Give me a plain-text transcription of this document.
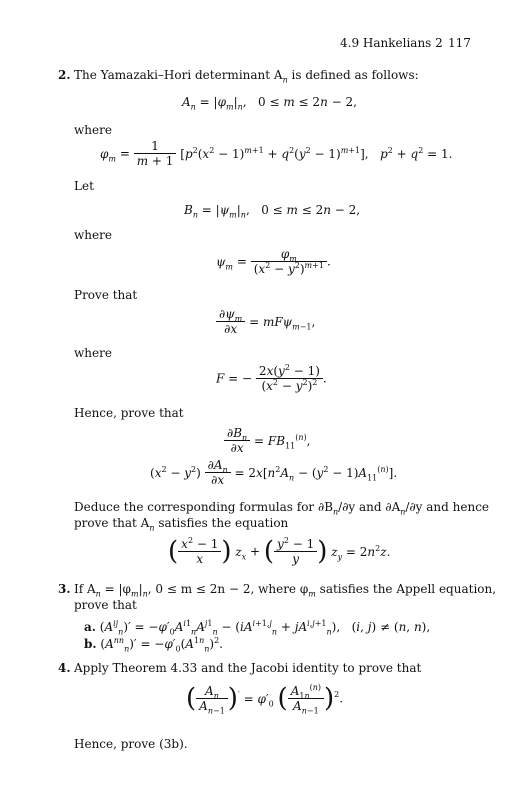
4.9 Hankelians 2 117
2. The Yamazaki–Hori determinant $A_n$ is defined as follows:
$A_n = |\varphi_m|_n$,   0 ≤ m ≤ 2n − 2,
where
$\varphi_m = \frac{1}{m + 1} [p^2(x^2 - 1)^{m+1} + q^2(y^2 - 1)^{m+1}]$,   $p^2 + q^2 = 1$.
Let
$B_n = |\psi_m|_n$,   0 ≤ m ≤ 2n − 2,
where
$\psi_m = \frac{\varphi_m}{(x^2 - y^2)^{m+1}}$ .
Prove that
$\frac{\partial\psi_m}{\partial x} = mF\psi_{m-1}$,
where
F = − $\frac{2x(y^2 - 1)}{(x^2 - y^2)^2}$ .
Hence, prove that
$\frac{\partial B_n}{\partial x} = FB_{11}^{(n)}$,
$(x^2 - y^2) \frac{\partial A_n}{\partial x} = 2x[n^2A_n - (y^2 - 1)A_{11}^{(n)}]$.
Deduce the corresponding formulas for $\partial B_n/\partial y$ and $\partial A_n/\partial y$ and hence
prove that $A_n$ satisfies the equation
( $\frac{x^2 - 1}{x}$ ) $z_x$ + ( $\frac{y^2 - 1}{y}$ ) $z_y = 2n^2z$.
3. If $A_n = |\varphi_m|_n$, 0 ≤ m ≤ 2n − 2, where $\varphi_m$ satisfies the Appell equation,
prove that
a. $(A^{ij}_n)' = -\varphi'_0A^{i1}_nA^{j1}_n - (iA^{i+1,j}_n + jA^{i,j+1}_n)$,   (i, j) ≠ (n, n),
b. $(A^{nn}_n)' = -\varphi'_0(A^{1n}_n)^2$.
4. Apply Theorem 4.33 and the Jacobi identity to prove that
( $\frac{A_n}{A_{n-1}} )' = \varphi'_0$ ( $\frac{A_{1n}^{(n)}}{A_{n-1}} )^2$.
Hence, prove (3b).
